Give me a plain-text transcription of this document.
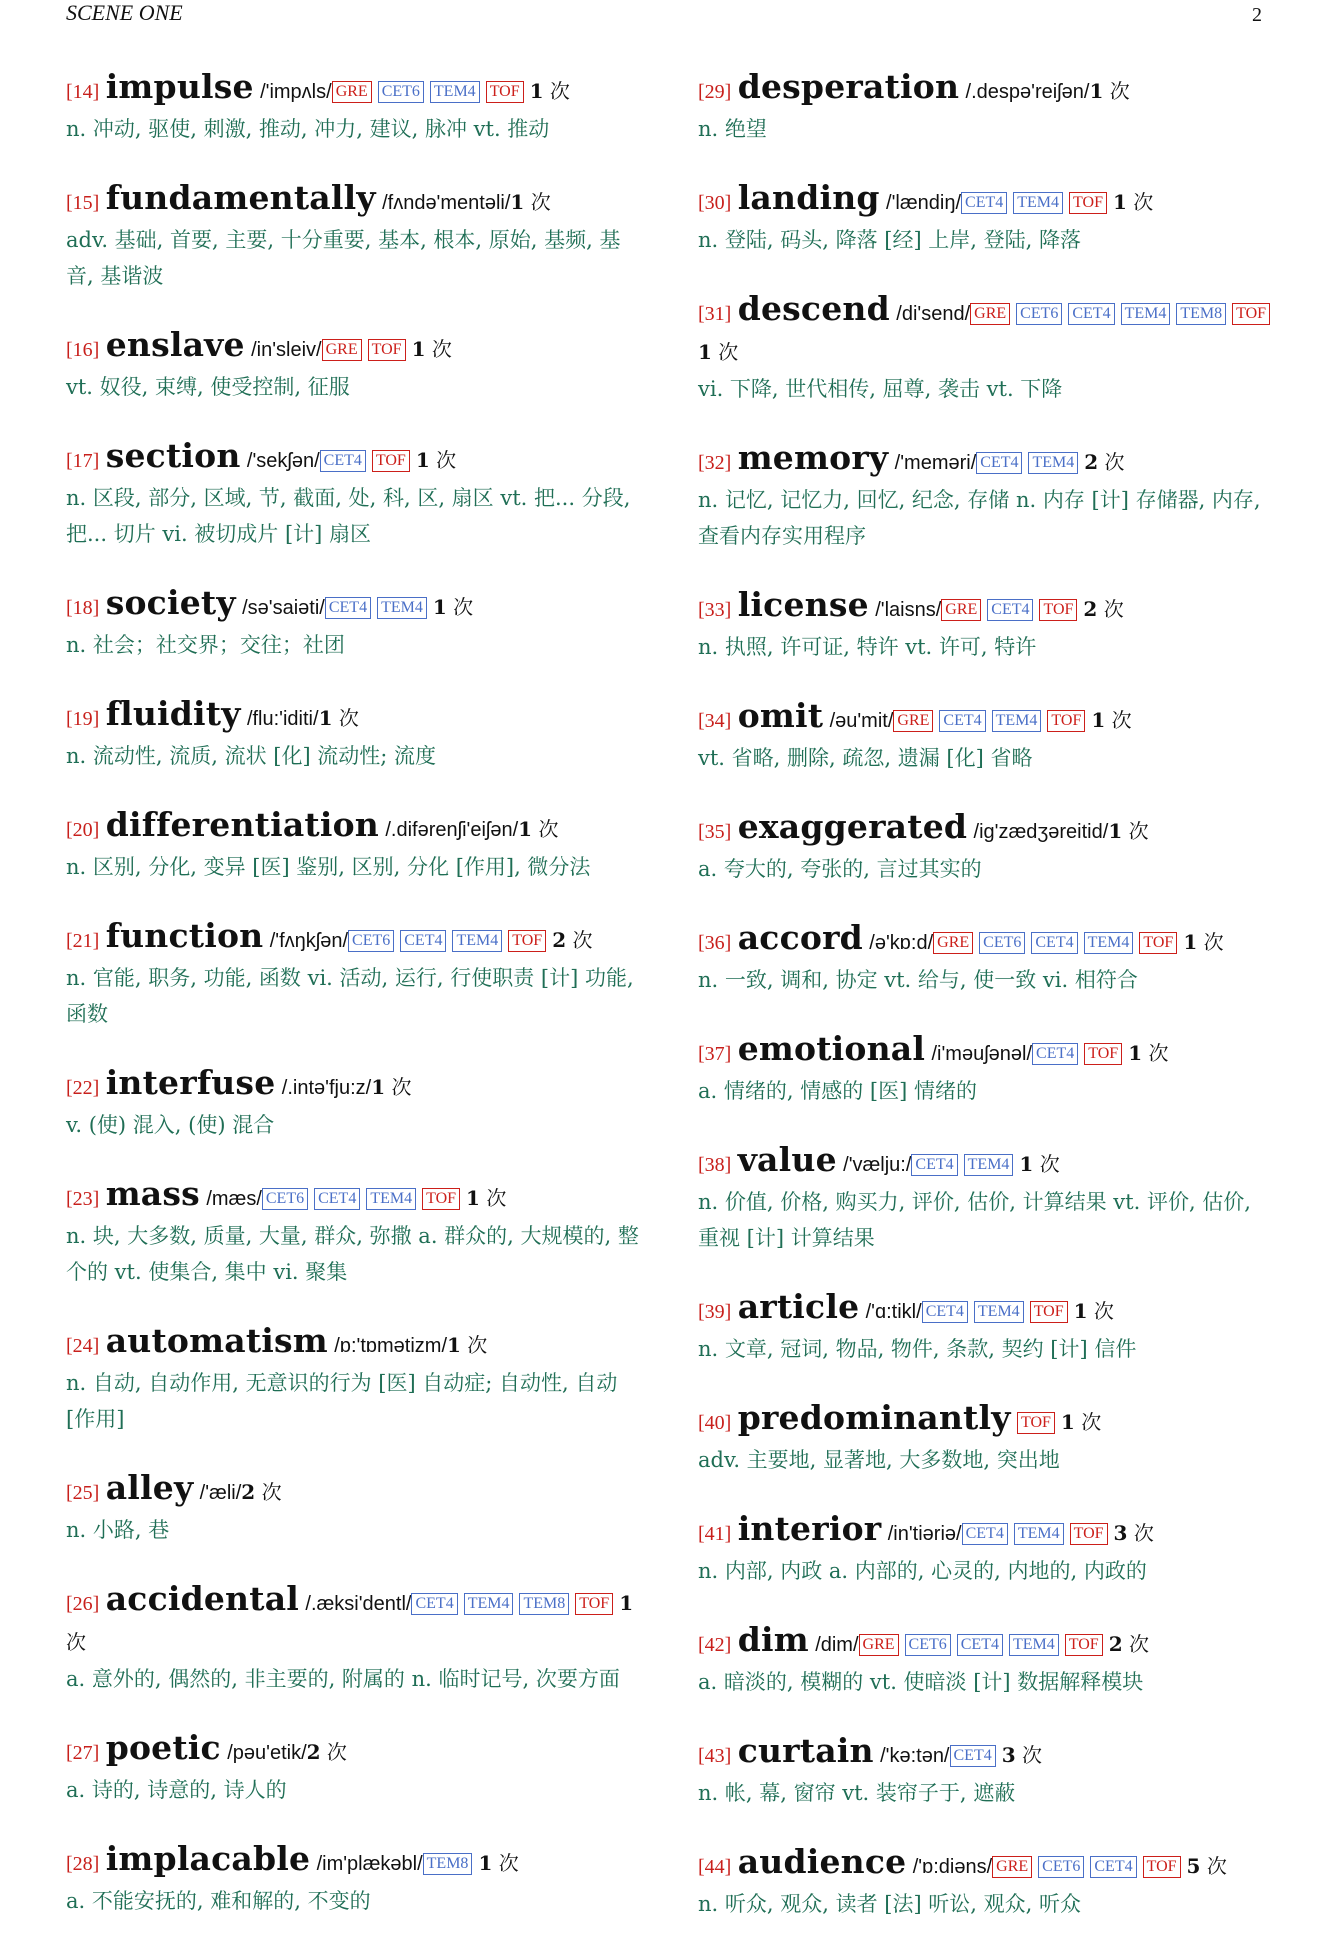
SCENE ONE	2
[14] impulse /'impʌls/ GRE CET6 TEM4 TOF 1 次
n. 冲动, 驱使, 刺激, 推动, 冲力, 建议, 脉冲 vt. 推动
[15] fundamentally /fʌndə'mentəli/1 次
adv. 基础, 首要, 主要, 十分重要, 基本, 根本, 原始, 基频, 基音, 基谐波
[16] enslave /in'sleiv/ GRE TOF 1 次
vt. 奴役, 束缚, 使受控制, 征服
[17] section /'sekʃən/ CET4 TOF 1 次
n. 区段, 部分, 区域, 节, 截面, 处, 科, 区, 扇区 vt. 把... 分段, 把... 切片 vi. 被切成片 [计] 扇区
[18] society /sə'saiəti/ CET4 TEM4 1 次
n. 社会；社交界；交往；社团
[19] fluidity /flu:'iditi/1 次
n. 流动性, 流质, 流状 [化] 流动性; 流度
[20] differentiation /.difərenʃi'eiʃən/1 次
n. 区别, 分化, 变异 [医] 鉴别, 区别, 分化 [作用], 微分法
[21] function /'fʌŋkʃən/ CET6 CET4 TEM4 TOF 2 次
n. 官能, 职务, 功能, 函数 vi. 活动, 运行, 行使职责 [计] 功能, 函数
[22] interfuse /.intə'fju:z/1 次
v. (使) 混入, (使) 混合
[23] mass /mæs/ CET6 CET4 TEM4 TOF 1 次
n. 块, 大多数, 质量, 大量, 群众, 弥撒 a. 群众的, 大规模的, 整个的 vt. 使集合, 集中 vi. 聚集
[24] automatism /ɒ:'tɒmətizm/1 次
n. 自动, 自动作用, 无意识的行为 [医] 自动症; 自动性, 自动 [作用]
[25] alley /'æli/2 次
n. 小路, 巷
[26] accidental /.æksi'dentl/ CET4 TEM4 TEM8 TOF 1 次
a. 意外的, 偶然的, 非主要的, 附属的 n. 临时记号, 次要方面
[27] poetic /pəu'etik/2 次
a. 诗的, 诗意的, 诗人的
[28] implacable /im'plækəbl/ TEM8 1 次
a. 不能安抚的, 难和解的, 不变的
[29] desperation /.despə'reiʃən/1 次
n. 绝望
[30] landing /'lændiŋ/ CET4 TEM4 TOF 1 次
n. 登陆, 码头, 降落 [经] 上岸, 登陆, 降落
[31] descend /di'send/ GRE CET6 CET4 TEM4 TEM8 TOF1 次
vi. 下降, 世代相传, 屈尊, 袭击 vt. 下降
[32] memory /'meməri/ CET4 TEM4 2 次
n. 记忆, 记忆力, 回忆, 纪念, 存储 n. 内存 [计] 存储器, 内存, 查看内存实用程序
[33] license /'laisns/ GRE CET4 TOF 2 次
n. 执照, 许可证, 特许 vt. 许可, 特许
[34] omit /əu'mit/ GRE CET4 TEM4 TOF 1 次
vt. 省略, 删除, 疏忽, 遗漏 [化] 省略
[35] exaggerated /ig'zædʒəreitid/1 次
a. 夸大的, 夸张的, 言过其实的
[36] accord /ə'kɒ:d/ GRE CET6 CET4 TEM4 TOF 1 次
n. 一致, 调和, 协定 vt. 给与, 使一致 vi. 相符合
[37] emotional /i'məuʃənəl/ CET4 TOF 1 次
a. 情绪的, 情感的 [医] 情绪的
[38] value /'vælju:/ CET4 TEM4 1 次
n. 价值, 价格, 购买力, 评价, 估价, 计算结果 vt. 评价, 估价, 重视 [计] 计算结果
[39] article /'ɑ:tikl/ CET4 TEM4 TOF 1 次
n. 文章, 冠词, 物品, 物件, 条款, 契约 [计] 信件
[40] predominantly TOF 1 次
adv. 主要地, 显著地, 大多数地, 突出地
[41] interior /in'tiəriə/ CET4 TEM4 TOF 3 次
n. 内部, 内政 a. 内部的, 心灵的, 内地的, 内政的
[42] dim /dim/ GRE CET6 CET4 TEM4 TOF 2 次
a. 暗淡的, 模糊的 vt. 使暗淡 [计] 数据解释模块
[43] curtain /'kə:tən/ CET4 3 次
n. 帐, 幕, 窗帘 vt. 装帘子于, 遮蔽
[44] audience /'ɒ:diəns/ GRE CET6 CET4 TOF 5 次
n. 听众, 观众, 读者 [法] 听讼, 观众, 听众
